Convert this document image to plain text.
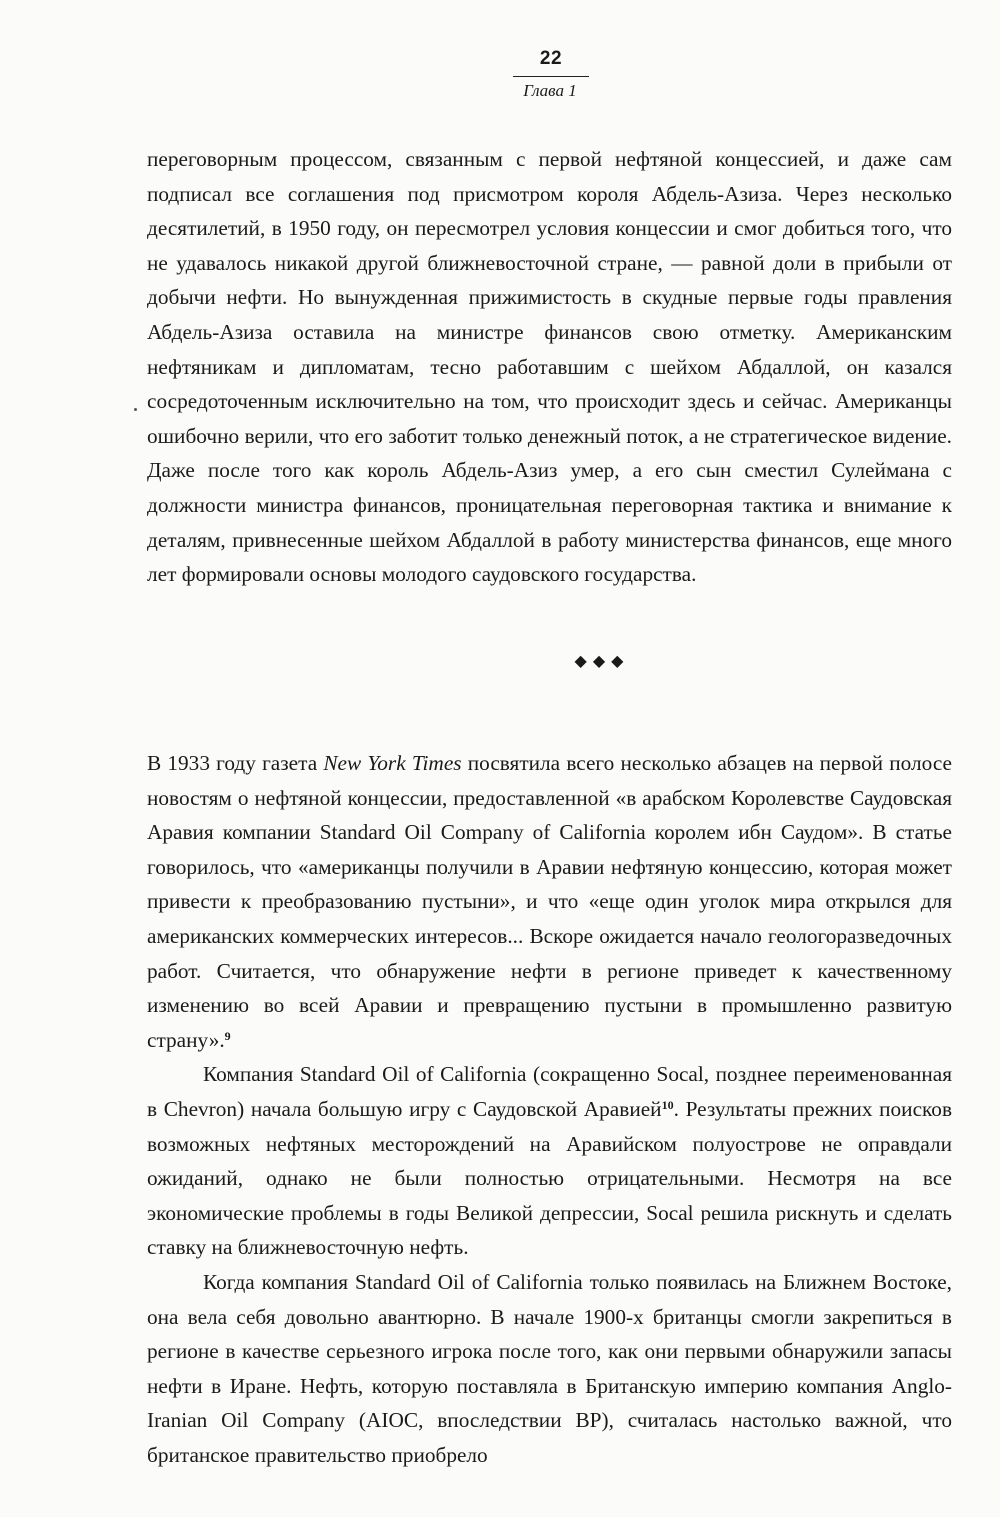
22
Глава 1

переговорным процессом, связанным с первой нефтяной концессией, и даже сам подписал все соглашения под присмотром короля Абдель-Азиза. Через несколько десятилетий, в 1950 году, он пересмотрел условия концессии и смог добиться того, что не удавалось никакой другой ближневосточной стране, — равной доли в прибыли от добычи нефти. Но вынужденная прижимистость в скудные первые годы правления Абдель-Азиза оставила на министре финансов свою отметку. Американским нефтяникам и дипломатам, тесно работавшим с шейхом Абдаллой, он казался сосредоточенным исключительно на том, что происходит здесь и сейчас. Американцы ошибочно верили, что его заботит только денежный поток, а не стратегическое видение. Даже после того как король Абдель-Азиз умер, а его сын сместил Сулеймана с должности министра финансов, проницательная переговорная тактика и внимание к деталям, привнесенные шейхом Абдаллой в работу министерства финансов, еще много лет формировали основы молодого саудовского государства.

◆◆◆

В 1933 году газета New York Times посвятила всего несколько абзацев на первой полосе новостям о нефтяной концессии, предоставленной «в арабском Королевстве Саудовская Аравия компании Standard Oil Company of California королем ибн Саудом». В статье говорилось, что «американцы получили в Аравии нефтяную концессию, которая может привести к преобразованию пустыни», и что «еще один уголок мира открылся для американских коммерческих интересов... Вскоре ожидается начало геологоразведочных работ. Считается, что обнаружение нефти в регионе приведет к качественному изменению во всей Аравии и превращению пустыни в промышленно развитую страну».$^9$

Компания Standard Oil of California (сокращенно Socal, позднее переименованная в Chevron) начала большую игру с Саудовской Аравией$^{10}$. Результаты прежних поисков возможных нефтяных месторождений на Аравийском полуострове не оправдали ожиданий, однако не были полностью отрицательными. Несмотря на все экономические проблемы в годы Великой депрессии, Socal решила рискнуть и сделать ставку на ближневосточную нефть.

Когда компания Standard Oil of California только появилась на Ближнем Востоке, она вела себя довольно авантюрно. В начале 1900-х британцы смогли закрепиться в регионе в качестве серьезного игрока после того, как они первыми обнаружили запасы нефти в Иране. Нефть, которую поставляла в Британскую империю компания Anglo-Iranian Oil Company (AIOC, впоследствии BP), считалась настолько важной, что британское правительство приобрело
